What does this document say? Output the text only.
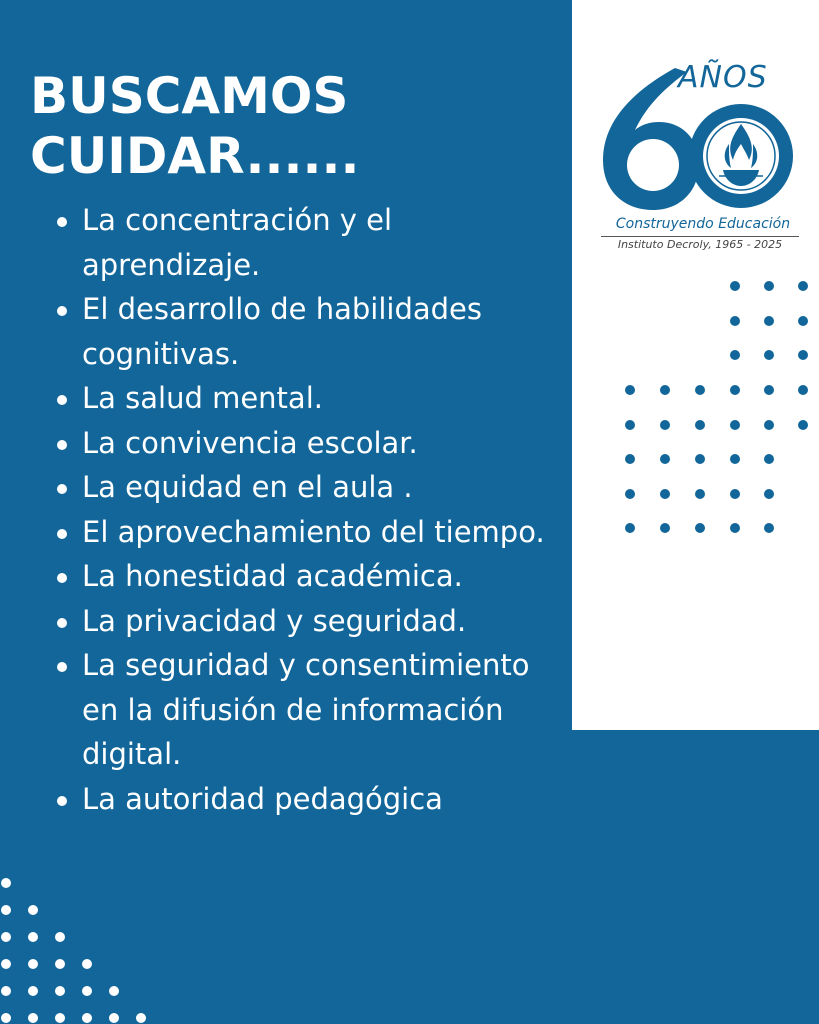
BUSCAMOS
CUIDAR......
La concentración y el aprendizaje.
El desarrollo de habilidades cognitivas.
La salud mental.
La convivencia escolar.
La equidad en el aula .
El aprovechamiento del tiempo.
La honestidad académica.
La privacidad y seguridad.
La seguridad y consentimiento en la difusión de información digital.
La autoridad pedagógica
AÑOS
Construyendo Educación
Instituto Decroly, 1965 - 2025
